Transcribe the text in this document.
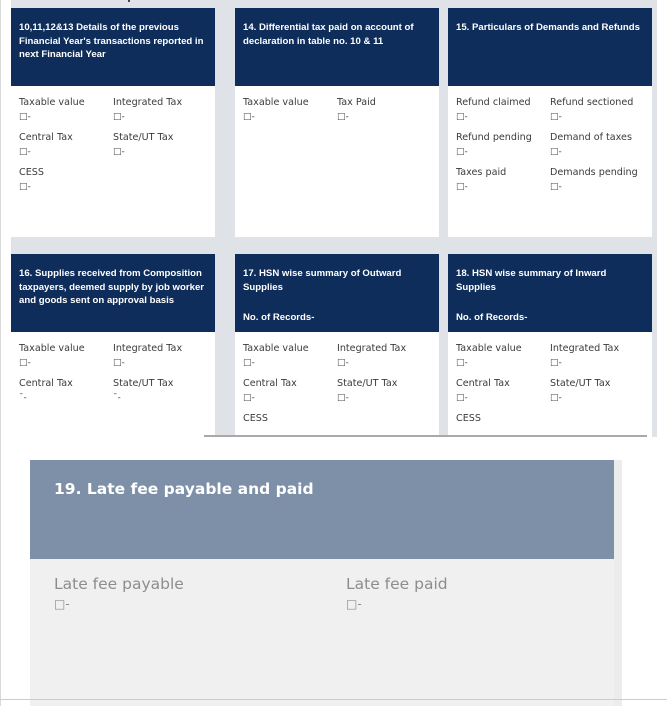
10,11,12&13 Details of the previous Financial Year's transactions reported in next Financial Year
Taxable value
□-
Integrated Tax
□-
Central Tax
□-
State/UT Tax
□-
CESS
□-
14. Differential tax paid on account of declaration in table no. 10 & 11
Taxable value
□-
Tax Paid
□-
15. Particulars of Demands and Refunds
Refund claimed
□-
Refund sectioned
□-
Refund pending
□-
Demand of taxes
□-
Taxes paid
□-
Demands pending
□-
16. Supplies received from Composition taxpayers, deemed supply by job worker and goods sent on approval basis
Taxable value
□-
Integrated Tax
□-
Central Tax
ˉ-
State/UT Tax
ˉ-
17. HSN wise summary of Outward Supplies
No. of Records-
Taxable value
□-
Integrated Tax
□-
Central Tax
□-
State/UT Tax
□-
CESS
18. HSN wise summary of Inward Supplies
No. of Records-
Taxable value
□-
Integrated Tax
□-
Central Tax
□-
State/UT Tax
□-
CESS
19. Late fee payable and paid
Late fee payable
□-
Late fee paid
□-
